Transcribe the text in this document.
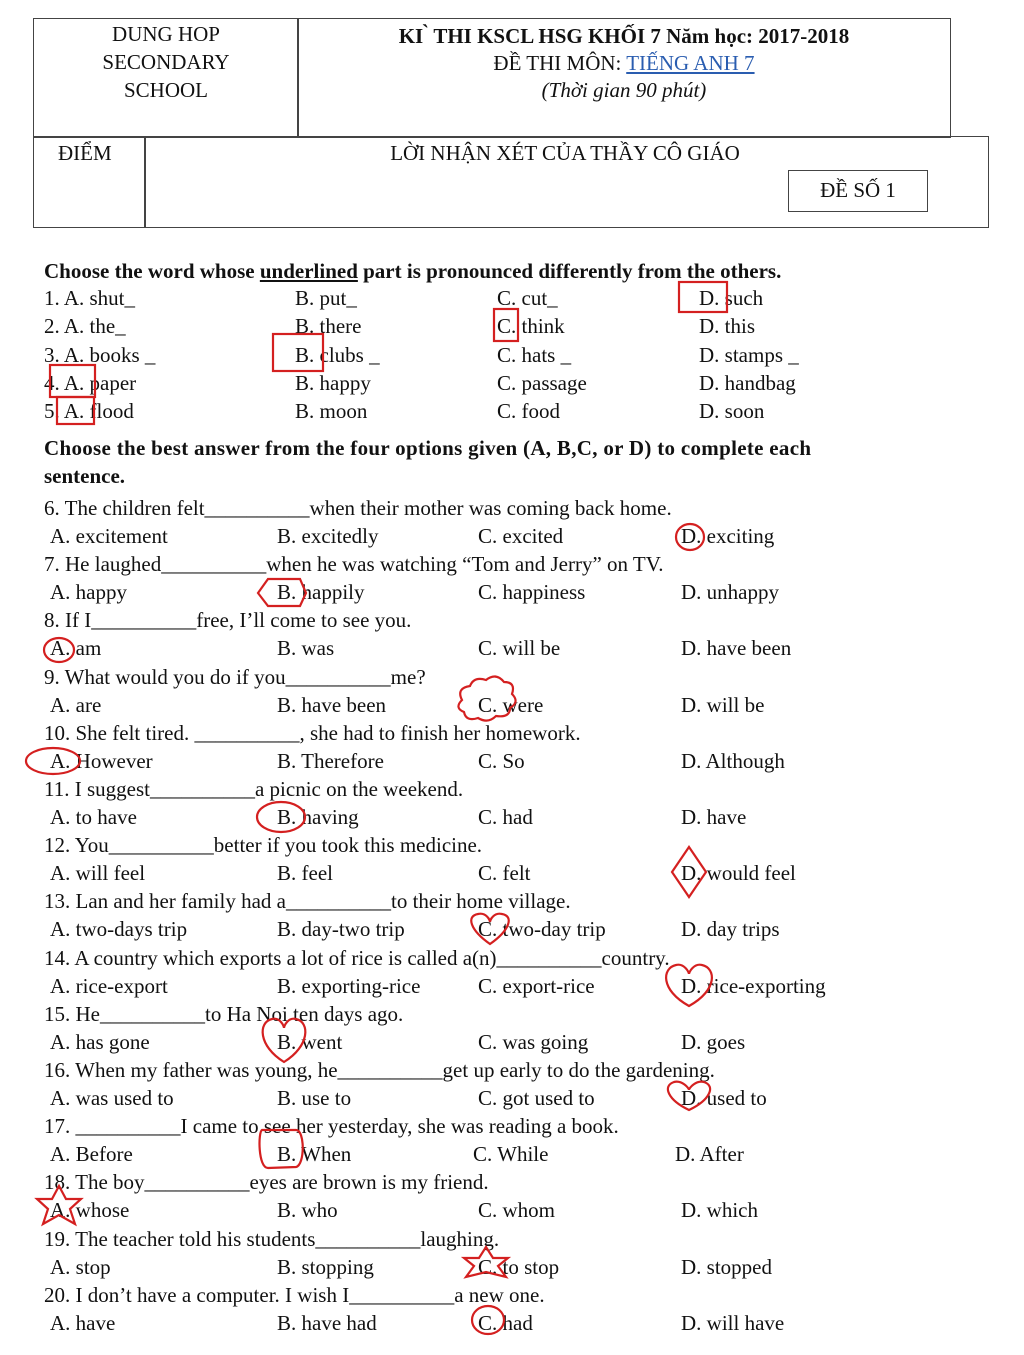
DUNG HOP
SECONDARY
SCHOOL
KI ̀ THI KSCL HSG KHỐI 7 Năm học: 2017-2018
ĐỀ THI MÔN: TIẾNG ANH 7
(Thời gian 90 phút)
ĐIỂM	LỜI NHẬN XÉT CỦA THẦY CÔ GIÁO
ĐỀ SỐ 1
Choose the word whose underlined part is pronounced differently from the others.
1. A. shut_	B. put_	C. cut_	D. such
2. A. the_	B. there	C. think	D. this
3. A. books _	B. clubs _	C. hats _	D. stamps _
4. A. paper	B. happy	C. passage	D. handbag
5. A. flood	B. moon	C. food	D. soon
Choose the best answer from the four options given (A, B,C, or D) to complete each
sentence.
6. The children felt__________when their mother was coming back home.
A. excitement	B. excitedly	C. excited	D. exciting
7. He laughed__________when he was watching “Tom and Jerry” on TV.
A. happy	B. happily	C. happiness	D. unhappy
8. If I__________free, I’ll come to see you.
A. am	B. was	C. will be	D. have been
9. What would you do if you__________me?
A. are	B. have been	C. were	D. will be
10. She felt tired. __________, she had to finish her homework.
A. However	B. Therefore	C. So	D. Although
11. I suggest__________a picnic on the weekend.
A. to have	B. having	C. had	D. have
12. You__________better if you took this medicine.
A. will feel	B. feel	C. felt	D. would feel
13. Lan and her family had a__________to their home village.
A. two-days trip	B. day-two trip	C. two-day trip	D. day trips
14. A country which exports a lot of rice is called a(n)__________country.
A. rice-export	B. exporting-rice	C. export-rice	D. rice-exporting
15. He__________to Ha Noi ten days ago.
A. has gone	B. went	C. was going	D. goes
16. When my father was young, he__________get up early to do the gardening.
A. was used to	B. use to	C. got used to	D. used to
17. __________I came to see her yesterday, she was reading a book.
A. Before	B. When	C. While	D. After
18. The boy__________eyes are brown is my friend.
A. whose	B. who	C. whom	D. which
19. The teacher told his students__________laughing.
A. stop	B. stopping	C. to stop	D. stopped
20. I don’t have a computer. I wish I__________a new one.
A. have	B. have had	C. had	D. will have
